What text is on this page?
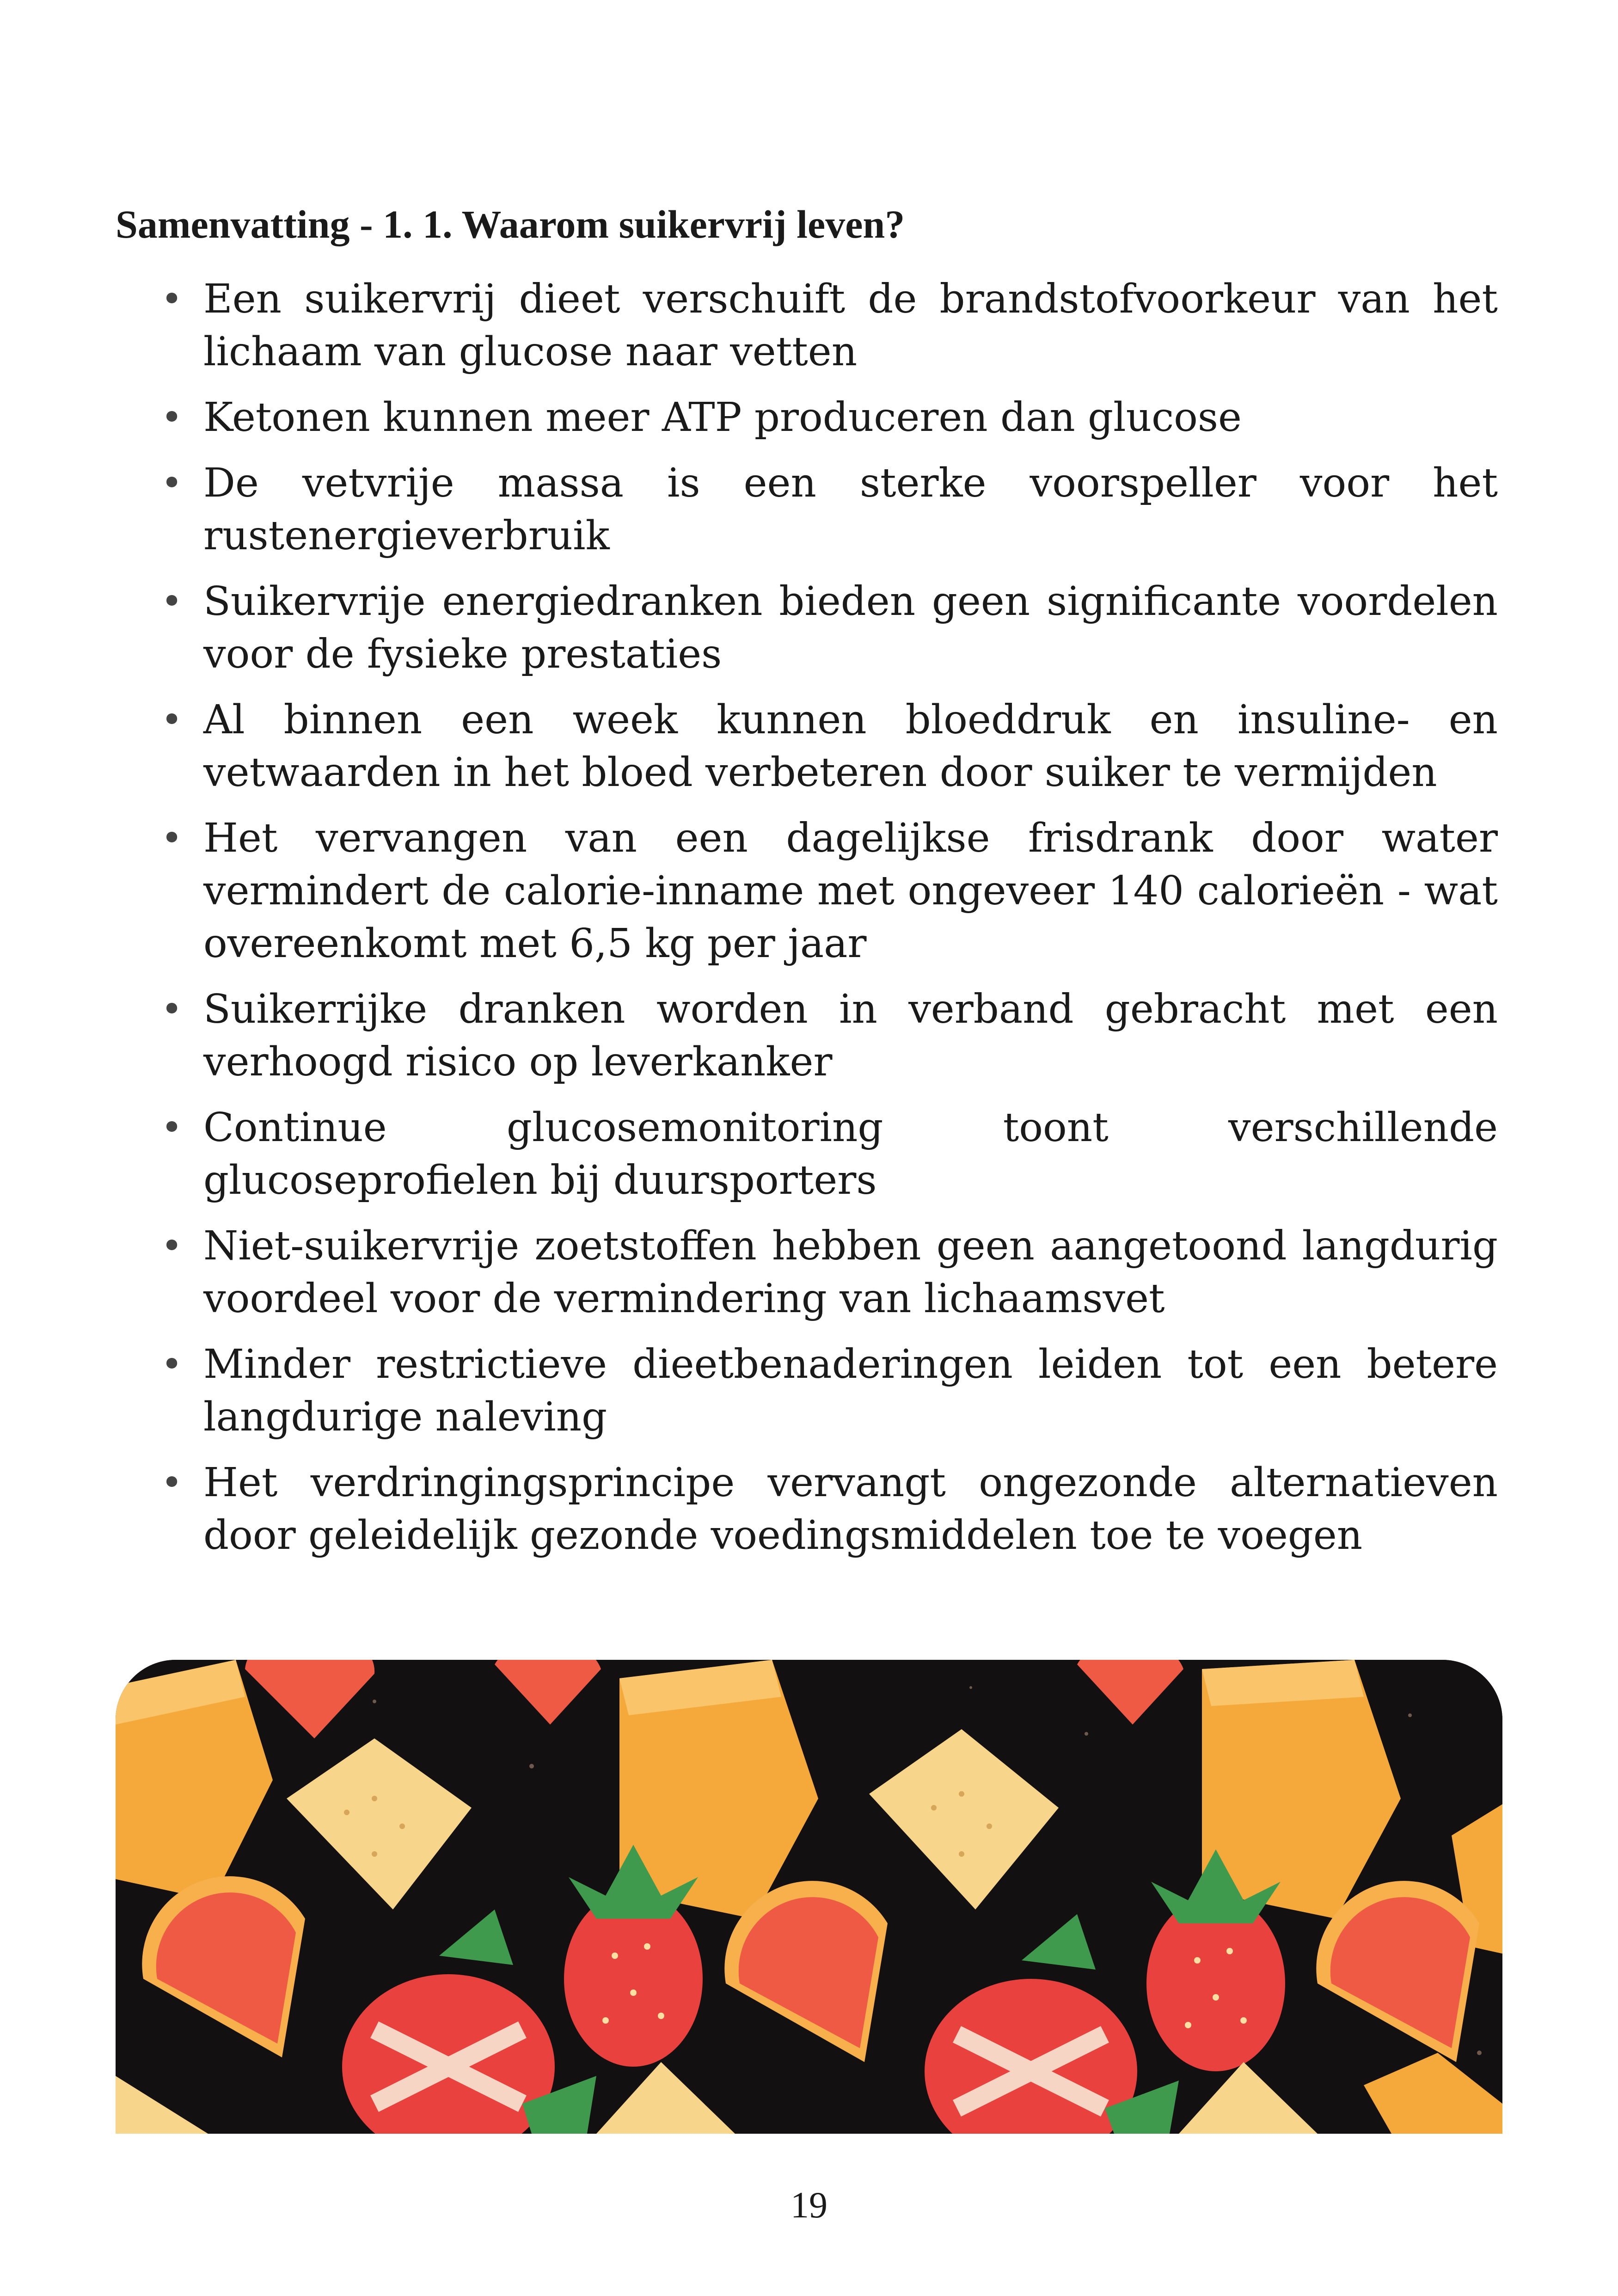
Samenvatting - 1. 1. Waarom suikervrij leven?
• Een suikervrij dieet verschuift de brandstofvoorkeur van het lichaam van glucose naar vetten
• Ketonen kunnen meer ATP produceren dan glucose
• De vetvrije massa is een sterke voorspeller voor het rustenergieverbruik
• Suikervrije energiedranken bieden geen significante voordelen voor de fysieke prestaties
• Al binnen een week kunnen bloeddruk en insuline- en vetwaarden in het bloed verbeteren door suiker te vermijden
• Het vervangen van een dagelijkse frisdrank door water vermindert de calorie-inname met ongeveer 140 calorieën - wat overeenkomt met 6,5 kg per jaar
• Suikerrijke dranken worden in verband gebracht met een verhoogd risico op leverkanker
• Continue glucosemonitoring toont verschillende glucoseprofielen bij duursporters
• Niet-suikervrije zoetstoffen hebben geen aangetoond langdurig voordeel voor de vermindering van lichaamsvet
• Minder restrictieve dieetbenaderingen leiden tot een betere langdurige naleving
• Het verdringingsprincipe vervangt ongezonde alternatieven door geleidelijk gezonde voedingsmiddelen toe te voegen
19
